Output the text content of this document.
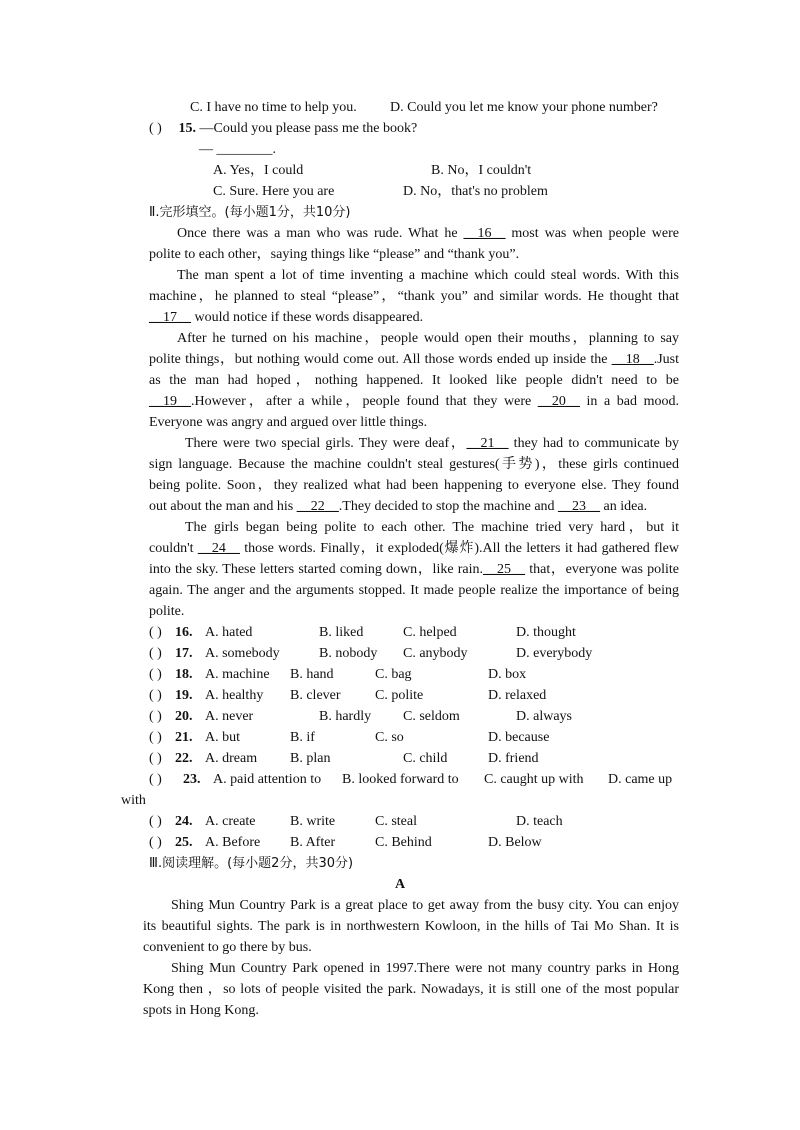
C. I have no time to help you. D. Could you let me know your phone number?
( ) 15. —Could you please pass me the book?
— ________.
A. Yes，I could	B. No，I couldn't
C. Sure. Here you are	D. No，that's no problem
Ⅱ.完形填空。(每小题1分，共10分)
Once there was a man who was rude. What he __16__ most was when people were
polite to each other，saying things like “please” and “thank you”.
The man spent a lot of time inventing a machine which could steal words. With this
machine，he planned to steal “please”，“thank you” and similar words. He thought that
__17__ would notice if these words disappeared.
After he turned on his machine，people would open their mouths，planning to say
polite things，but nothing would come out. All those words ended up inside the __18__.Just
as the man had hoped，nothing happened. It looked like people didn't need to be
__19__.However，after a while，people found that they were __20__ in a bad mood.
Everyone was angry and argued over little things.
There were two special girls. They were deaf，__21__ they had to communicate by
sign language. Because the machine couldn't steal gestures(手势)，these girls continued
being polite. Soon，they realized what had been happening to everyone else. They found
out about the man and his __22__.They decided to stop the machine and __23__ an idea.
The girls began being polite to each other. The machine tried very hard，but it
couldn't __24__ those words. Finally，it exploded(爆炸).All the letters it had gathered flew
into the sky. These letters started coming down，like rain.__25__ that，everyone was polite
again. The anger and the arguments stopped. It made people realize the importance of being
polite.
( ) 16. A. hated	B. liked	C. helped	D. thought
( ) 17. A. somebody	B. nobody C. anybody	D. everybody
( ) 18. A. machine B. hand	C. bag	D. box
( ) 19. A. healthy B. clever C. polite	D. relaxed
( ) 20. A. never	B. hardly C. seldom	D. always
( ) 21. A. but	B. if	C. so	D. because
( ) 22. A. dream B. plan	C. child	D. friend
( ) 23. A. paid attention to B. looked forward to C. caught up with D. came up
with
( ) 24. A. create B. write	C. steal	D. teach
( ) 25. A. Before B. After	C. Behind	D. Below
Ⅲ.阅读理解。(每小题2分，共30分)
A
Shing Mun Country Park is a great place to get away from the busy city. You can enjoy
its beautiful sights. The park is in northwestern Kowloon, in the hills of Tai Mo Shan. It is
convenient to go there by bus.
Shing Mun Country Park opened in 1997.There were not many country parks in Hong
Kong then ，so lots of people visited the park. Nowadays, it is still one of the most popular
spots in Hong Kong.
